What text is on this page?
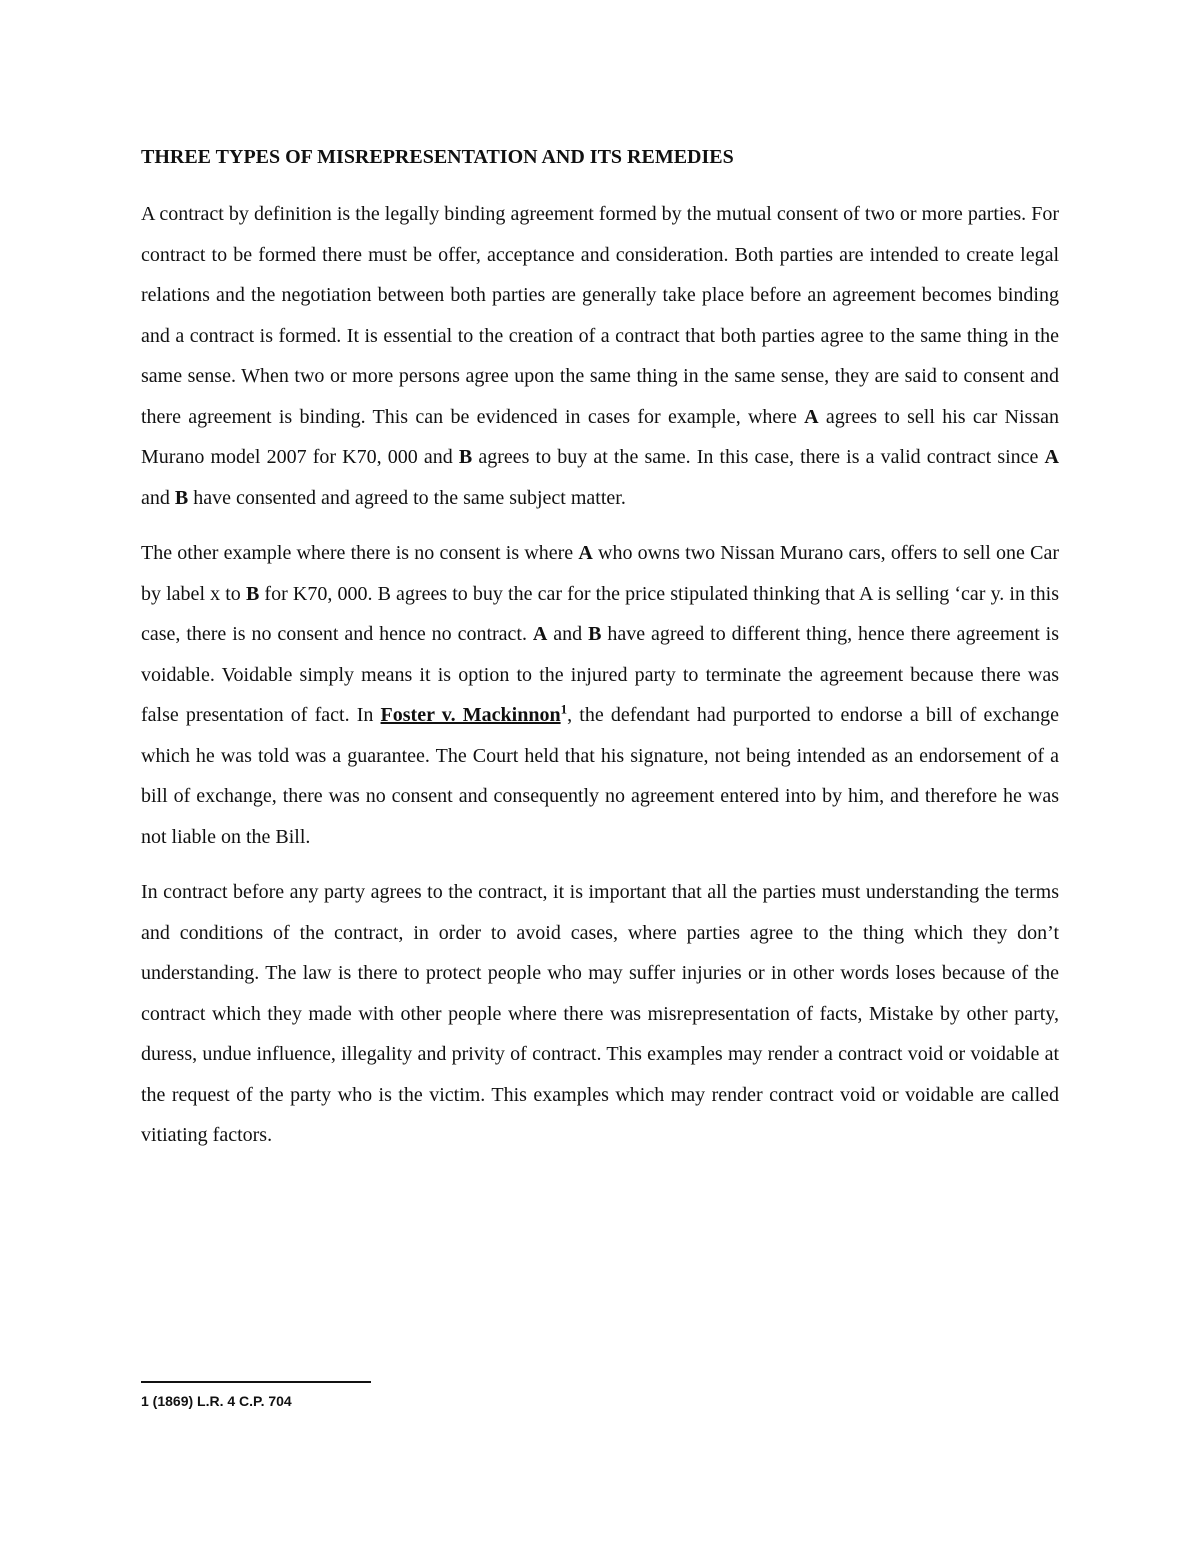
THREE TYPES OF MISREPRESENTATION AND ITS REMEDIES

A contract by definition is the legally binding agreement formed by the mutual consent of two or more parties. For contract to be formed there must be offer, acceptance and consideration. Both parties are intended to create legal relations and the negotiation between both parties are generally take place before an agreement becomes binding and a contract is formed. It is essential to the creation of a contract that both parties agree to the same thing in the same sense. When two or more persons agree upon the same thing in the same sense, they are said to consent and there agreement is binding. This can be evidenced in cases for example, where A agrees to sell his car Nissan Murano model 2007 for K70, 000 and B agrees to buy at the same. In this case, there is a valid contract since A and B have consented and agreed to the same subject matter.

The other example where there is no consent is where A who owns two Nissan Murano cars, offers to sell one Car by label x to B for K70, 000. B agrees to buy the car for the price stipulated thinking that A is selling ‘car y. in this case, there is no consent and hence no contract. A and B have agreed to different thing, hence there agreement is voidable. Voidable simply means it is option to the injured party to terminate the agreement because there was false presentation of fact. In Foster v. Mackinnon$^1$, the defendant had purported to endorse a bill of exchange which he was told was a guarantee. The Court held that his signature, not being intended as an endorsement of a bill of exchange, there was no consent and consequently no agreement entered into by him, and therefore he was not liable on the Bill.

In contract before any party agrees to the contract, it is important that all the parties must understanding the terms and conditions of the contract, in order to avoid cases, where parties agree to the thing which they don’t understanding. The law is there to protect people who may suffer injuries or in other words loses because of the contract which they made with other people where there was misrepresentation of facts, Mistake by other party, duress, undue influence, illegality and privity of contract. This examples may render a contract void or voidable at the request of the party who is the victim. This examples which may render contract void or voidable are called vitiating factors.

1 (1869) L.R. 4 C.P. 704
